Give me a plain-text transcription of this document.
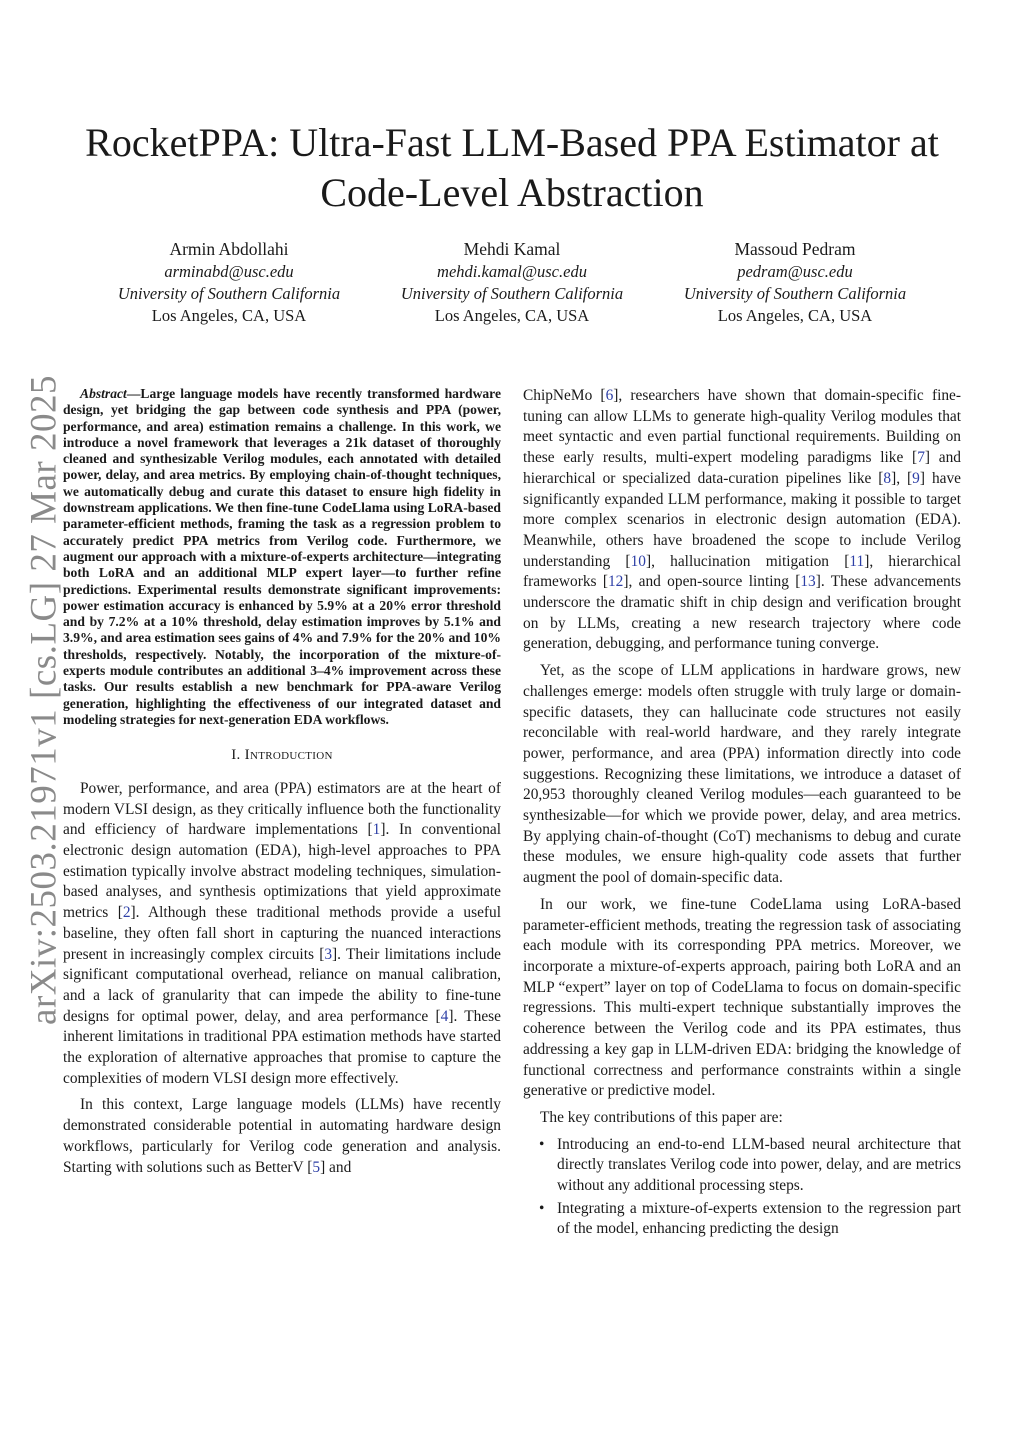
arXiv:2503.21971v1 [cs.LG] 27 Mar 2025
RocketPPA: Ultra-Fast LLM-Based PPA Estimator at Code-Level Abstraction
Armin Abdollahi
arminabd@usc.edu
University of Southern California
Los Angeles, CA, USA
Mehdi Kamal
mehdi.kamal@usc.edu
University of Southern California
Los Angeles, CA, USA
Massoud Pedram
pedram@usc.edu
University of Southern California
Los Angeles, CA, USA

Abstract—Large language models have recently transformed hardware design, yet bridging the gap between code synthesis and PPA (power, performance, and area) estimation remains a challenge. In this work, we introduce a novel framework that leverages a 21k dataset of thoroughly cleaned and synthesizable Verilog modules, each annotated with detailed power, delay, and area metrics. By employing chain-of-thought techniques, we automatically debug and curate this dataset to ensure high fidelity in downstream applications. We then fine-tune CodeLlama using LoRA-based parameter-efficient methods, framing the task as a regression problem to accurately predict PPA metrics from Verilog code. Furthermore, we augment our approach with a mixture-of-experts architecture—integrating both LoRA and an additional MLP expert layer—to further refine predictions. Experimental results demonstrate significant improvements: power estimation accuracy is enhanced by 5.9% at a 20% error threshold and by 7.2% at a 10% threshold, delay estimation improves by 5.1% and 3.9%, and area estimation sees gains of 4% and 7.9% for the 20% and 10% thresholds, respectively. Notably, the incorporation of the mixture-of-experts module contributes an additional 3–4% improvement across these tasks. Our results establish a new benchmark for PPA-aware Verilog generation, highlighting the effectiveness of our integrated dataset and modeling strategies for next-generation EDA workflows.

I. Introduction

Power, performance, and area (PPA) estimators are at the heart of modern VLSI design, as they critically influence both the functionality and efficiency of hardware implementations [1]. In conventional electronic design automation (EDA), high-level approaches to PPA estimation typically involve abstract modeling techniques, simulation-based analyses, and synthesis optimizations that yield approximate metrics [2]. Although these traditional methods provide a useful baseline, they often fall short in capturing the nuanced interactions present in increasingly complex circuits [3]. Their limitations include significant computational overhead, reliance on manual calibration, and a lack of granularity that can impede the ability to fine-tune designs for optimal power, delay, and area performance [4]. These inherent limitations in traditional PPA estimation methods have started the exploration of alternative approaches that promise to capture the complexities of modern VLSI design more effectively.

In this context, Large language models (LLMs) have recently demonstrated considerable potential in automating hardware design workflows, particularly for Verilog code generation and analysis. Starting with solutions such as BetterV [5] and

ChipNeMo [6], researchers have shown that domain-specific fine-tuning can allow LLMs to generate high-quality Verilog modules that meet syntactic and even partial functional requirements. Building on these early results, multi-expert modeling paradigms like [7] and hierarchical or specialized data-curation pipelines like [8], [9] have significantly expanded LLM performance, making it possible to target more complex scenarios in electronic design automation (EDA). Meanwhile, others have broadened the scope to include Verilog understanding [10], hallucination mitigation [11], hierarchical frameworks [12], and open-source linting [13]. These advancements underscore the dramatic shift in chip design and verification brought on by LLMs, creating a new research trajectory where code generation, debugging, and performance tuning converge.

Yet, as the scope of LLM applications in hardware grows, new challenges emerge: models often struggle with truly large or domain-specific datasets, they can hallucinate code structures not easily reconcilable with real-world hardware, and they rarely integrate power, performance, and area (PPA) information directly into code suggestions. Recognizing these limitations, we introduce a dataset of 20,953 thoroughly cleaned Verilog modules—each guaranteed to be synthesizable—for which we provide power, delay, and area metrics. By applying chain-of-thought (CoT) mechanisms to debug and curate these modules, we ensure high-quality code assets that further augment the pool of domain-specific data.

In our work, we fine-tune CodeLlama using LoRA-based parameter-efficient methods, treating the regression task of associating each module with its corresponding PPA metrics. Moreover, we incorporate a mixture-of-experts approach, pairing both LoRA and an MLP “expert” layer on top of CodeLlama to focus on domain-specific regressions. This multi-expert technique substantially improves the coherence between the Verilog code and its PPA estimates, thus addressing a key gap in LLM-driven EDA: bridging the knowledge of functional correctness and performance constraints within a single generative or predictive model.

The key contributions of this paper are:

• Introducing an end-to-end LLM-based neural architecture that directly translates Verilog code into power, delay, and are metrics without any additional processing steps.
• Integrating a mixture-of-experts extension to the regression part of the model, enhancing predicting the design
